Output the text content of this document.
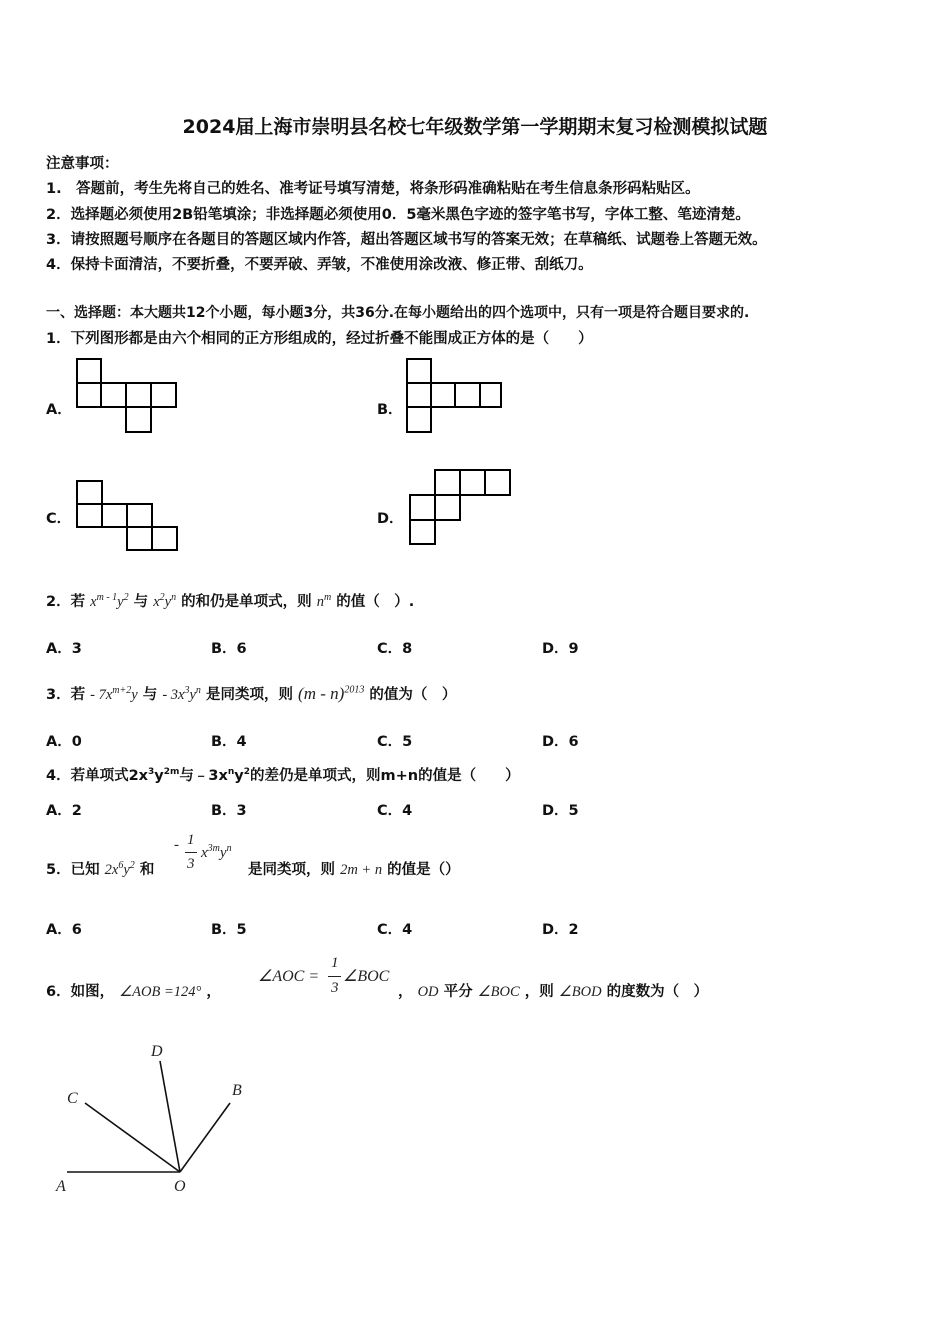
2024届上海市崇明县名校七年级数学第一学期期末复习检测模拟试题
注意事项：
1.　答题前，考生先将自己的姓名、准考证号填写清楚，将条形码准确粘贴在考生信息条形码粘贴区。
2．选择题必须使用2B铅笔填涂；非选择题必须使用0．5毫米黑色字迹的签字笔书写，字体工整、笔迹清楚。
3．请按照题号顺序在各题目的答题区域内作答，超出答题区域书写的答案无效；在草稿纸、试题卷上答题无效。
4．保持卡面清洁，不要折叠，不要弄破、弄皱，不准使用涂改液、修正带、刮纸刀。
一、选择题：本大题共12个小题，每小题3分，共36分.在每小题给出的四个选项中，只有一项是符合题目要求的.
1．下列图形都是由六个相同的正方形组成的，经过折叠不能围成正方体的是（　　）
A．	B．
C．	D．
2．若 $x^{m - 1}y^2$ 与 $x^2y^n$ 的和仍是单项式，则 $n^m$ 的值（　）.
A．3	B．6	C．8	D．9
3．若 - $7x^{m+2}y$ 与 - $3x^3y^n$ 是同类项，则 (m - n)$^{2013}$ 的值为（　）
A．0	B．4	C．5	D．6
4．若单项式$2x^3y^{2m}$与$﹣3x^ny^2$的差仍是单项式，则m+n的值是（　　）
A．2	B．3	C．4	D．5
5．已知 $2x^6y^2$ 和
- 1
3
$x^{3m}y^n$
是同类项，则 2m + n 的值是（）
A．6	B．5	C．4	D．2
6．如图， ∠AOB =124° ，
∠AOC =
1
3
∠BOC
， OD 平分 ∠BOC ，则 ∠BOD 的度数为（　）
D
C	B
A	O
